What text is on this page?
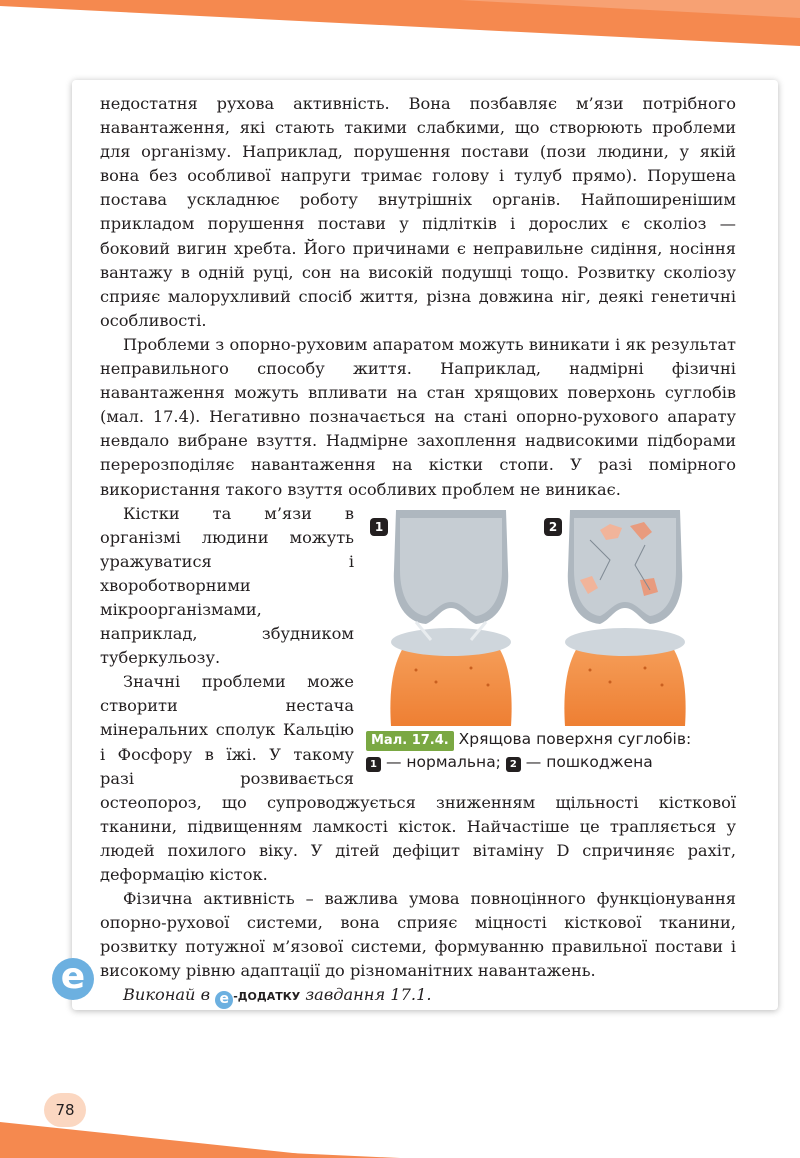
недостатня рухова активність. Вона позбавляє м’язи потрібного навантаження, які стають такими слабкими, що створюють проблеми для організму. Наприклад, порушення постави (пози людини, у якій вона без особливої напруги тримає голову і тулуб прямо). Порушена постава ускладнює роботу внутрішніх органів. Найпоширенішим прикладом порушення постави у підлітків і дорослих є сколіоз — боковий вигин хребта. Його причинами є неправильне сидіння, носіння вантажу в одній руці, сон на високій подушці тощо. Розвитку сколіозу сприяє малорухливий спосіб життя, різна довжина ніг, деякі генетичні особливості.

Проблеми з опорно-руховим апаратом можуть виникати і як результат неправильного способу життя. Наприклад, надмірні фізичні навантаження можуть впливати на стан хрящових поверхонь суглобів (мал. 17.4). Негативно позначається на стані опорно-рухового апарату невдало вибране взуття. Надмірне захоплення надвисокими підборами перерозподіляє навантаження на кістки стопи. У разі помірного використання такого взуття особливих проблем не виникає.

1	2
Мал. 17.4. Хрящова поверхня суглобів:
1 — нормальна; 2 — пошкоджена

Кістки та м’язи в організмі людини можуть уражуватися і хвороботворними мікроорганізмами, наприклад, збудником туберкульозу.

Значні проблеми може створити нестача мінеральних сполук Кальцію і Фосфору в їжі. У такому разі розвивається остеопороз, що супроводжується зниженням щільності кісткової тканини, підвищенням ламкості кісток. Найчастіше це трапляється у людей похилого віку. У дітей дефіцит вітаміну D спричиняє рахіт, деформацію кісток.

Фізична активність – важлива умова повноцінного функціонування опорно-рухової системи, вона сприяє міцності кісткової тканини, розвитку потужної м’язової системи, формуванню правильної постави і високому рівню адаптації до різноманітних навантажень.

Виконай в e -ДОДАТКУ завдання 17.1.

e
78
